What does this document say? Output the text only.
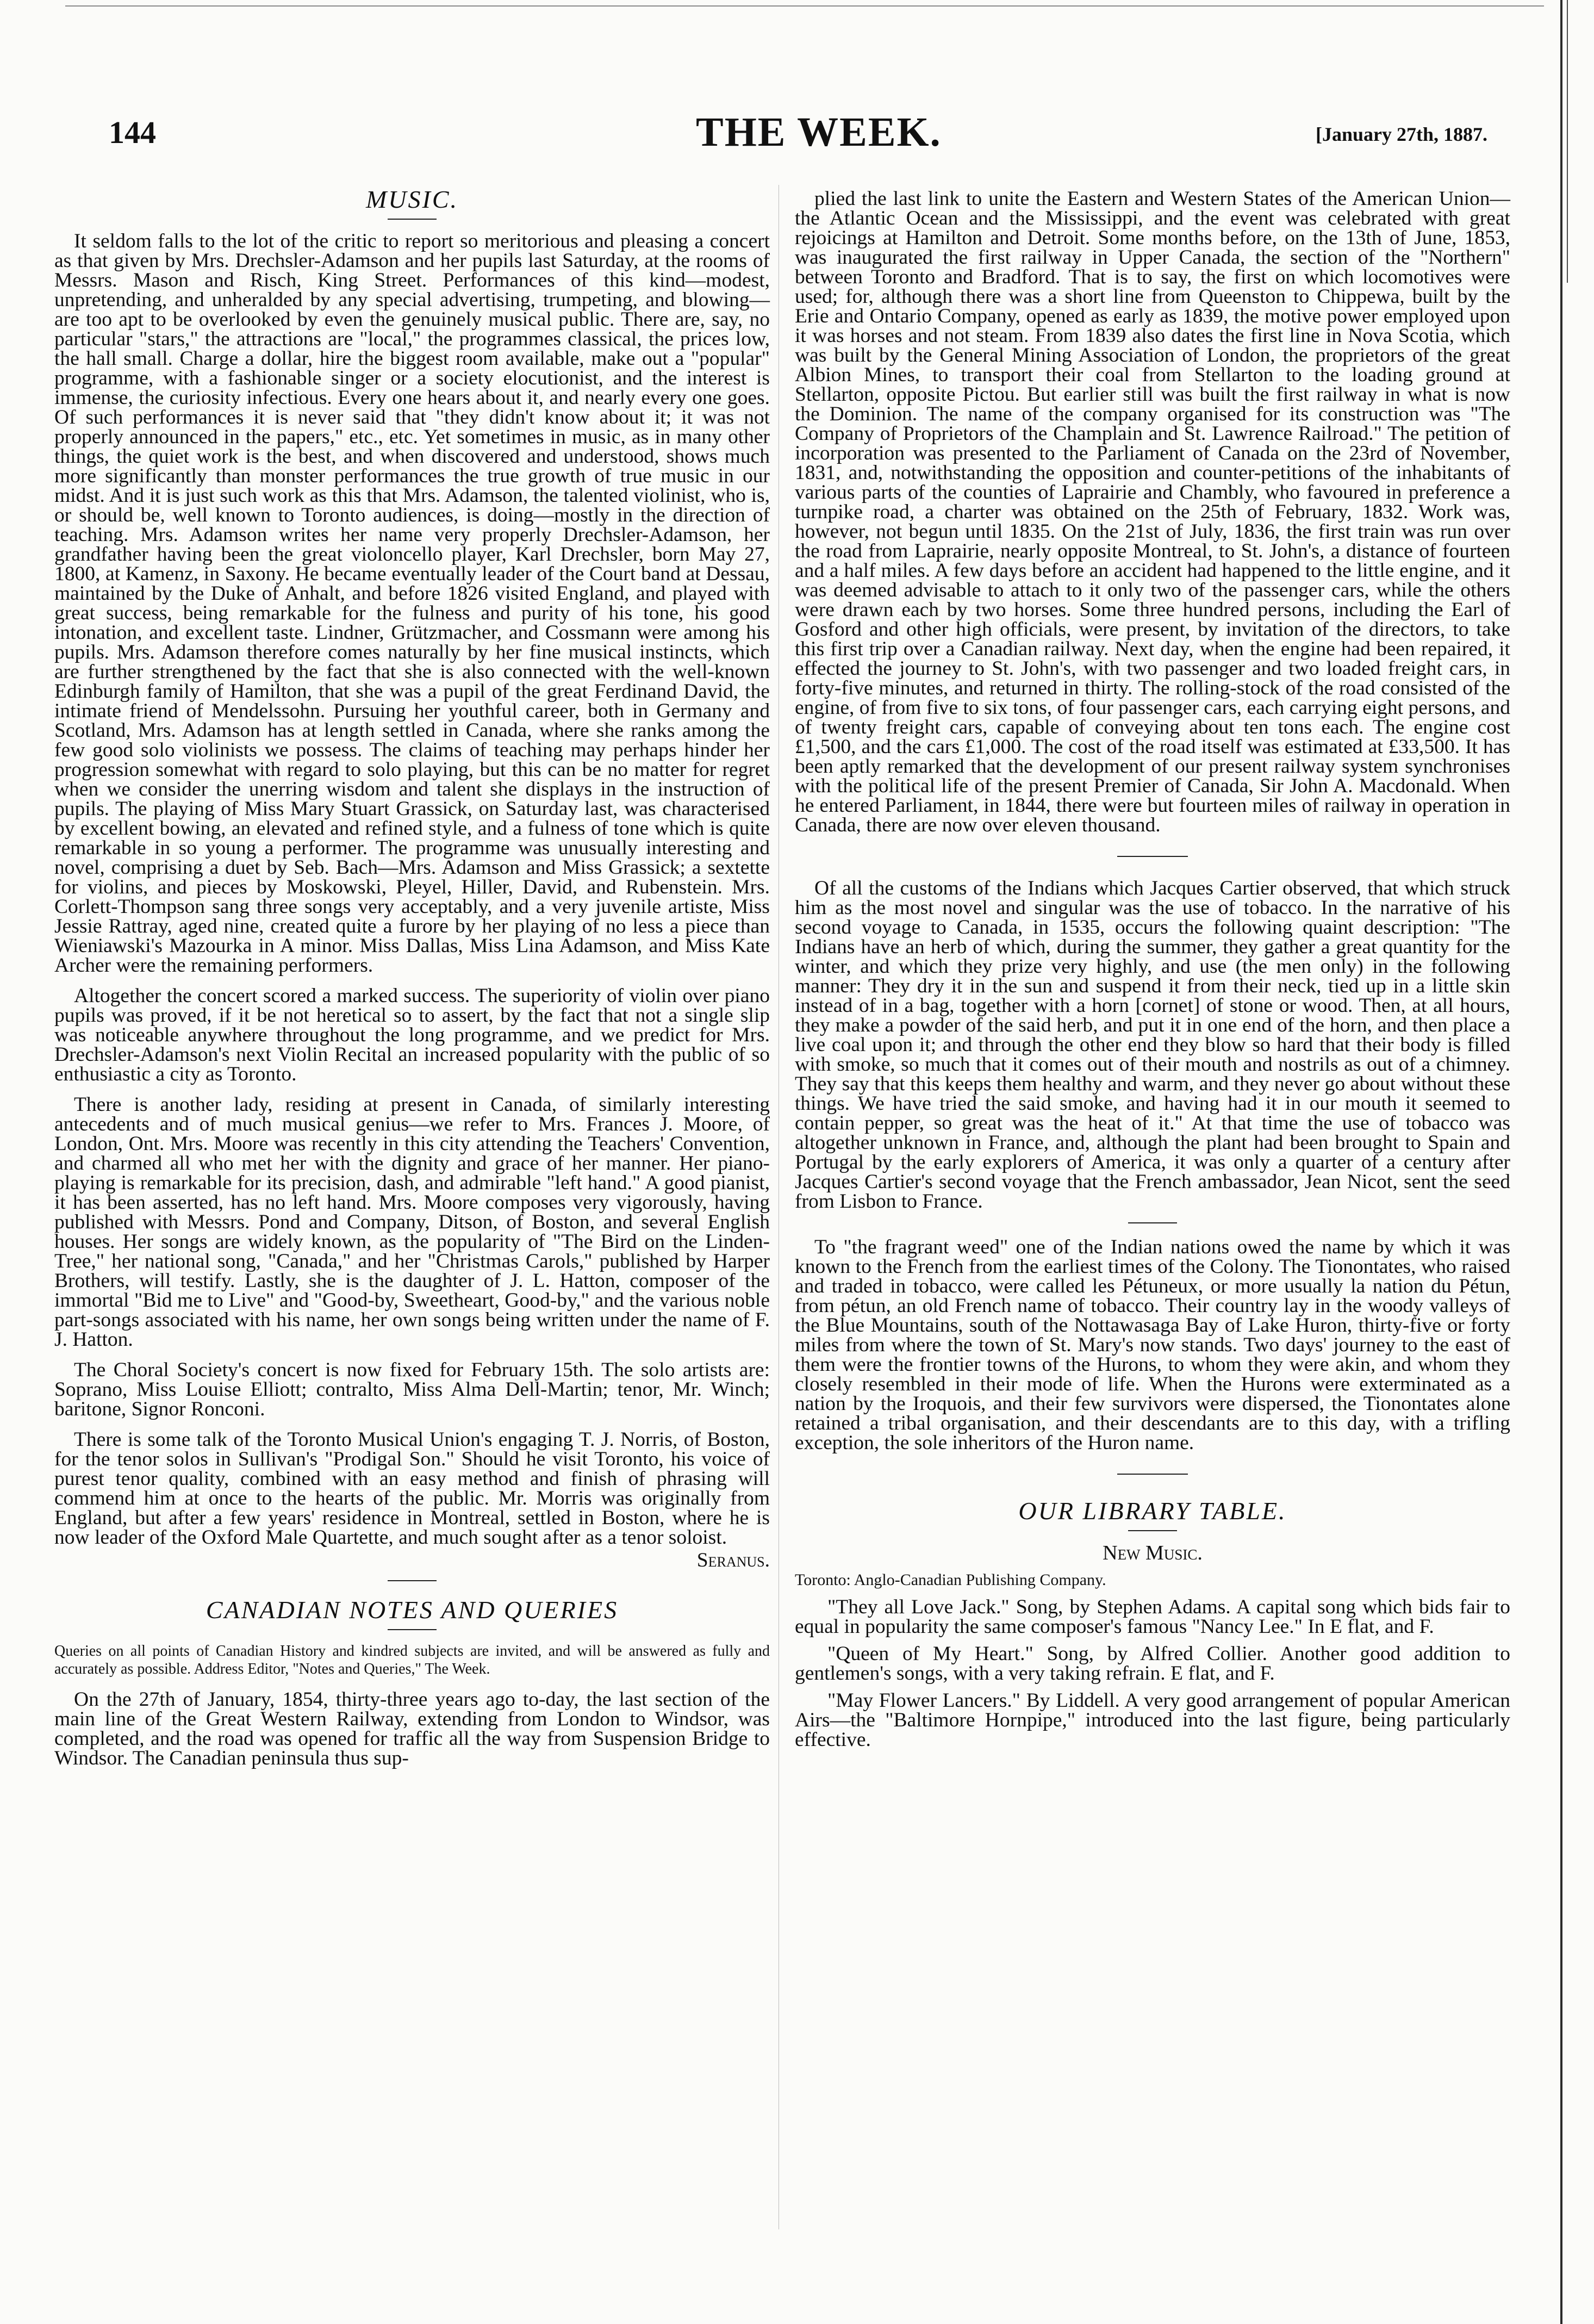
144	THE WEEK.	[January 27th, 1887.
MUSIC.

It seldom falls to the lot of the critic to report so meritorious and pleasing a concert as that given by Mrs. Drechsler-Adamson and her pupils last Saturday, at the rooms of Messrs. Mason and Risch, King Street. Performances of this kind—modest, unpretending, and unheralded by any special advertising, trumpeting, and blowing—are too apt to be overlooked by even the genuinely musical public. There are, say, no particular "stars," the attractions are "local," the programmes classical, the prices low, the hall small. Charge a dollar, hire the biggest room available, make out a "popular" programme, with a fashionable singer or a society elocutionist, and the interest is immense, the curiosity infectious. Every one hears about it, and nearly every one goes. Of such performances it is never said that "they didn't know about it; it was not properly announced in the papers," etc., etc. Yet sometimes in music, as in many other things, the quiet work is the best, and when discovered and understood, shows much more significantly than monster performances the true growth of true music in our midst. And it is just such work as this that Mrs. Adamson, the talented violinist, who is, or should be, well known to Toronto audiences, is doing—mostly in the direction of teaching. Mrs. Adamson writes her name very properly Drechsler-Adamson, her grandfather having been the great violoncello player, Karl Drechsler, born May 27, 1800, at Kamenz, in Saxony. He became eventually leader of the Court band at Dessau, maintained by the Duke of Anhalt, and before 1826 visited England, and played with great success, being remarkable for the fulness and purity of his tone, his good intonation, and excellent taste. Lindner, Grützmacher, and Cossmann were among his pupils. Mrs. Adamson therefore comes naturally by her fine musical instincts, which are further strengthened by the fact that she is also connected with the well-known Edinburgh family of Hamilton, that she was a pupil of the great Ferdinand David, the intimate friend of Mendelssohn. Pursuing her youthful career, both in Germany and Scotland, Mrs. Adamson has at length settled in Canada, where she ranks among the few good solo violinists we possess. The claims of teaching may perhaps hinder her progression somewhat with regard to solo playing, but this can be no matter for regret when we consider the unerring wisdom and talent she displays in the instruction of pupils. The playing of Miss Mary Stuart Grassick, on Saturday last, was characterised by excellent bowing, an elevated and refined style, and a fulness of tone which is quite remarkable in so young a performer. The programme was unusually interesting and novel, comprising a duet by Seb. Bach—Mrs. Adamson and Miss Grassick; a sextette for violins, and pieces by Moskowski, Pleyel, Hiller, David, and Rubenstein. Mrs. Corlett-Thompson sang three songs very acceptably, and a very juvenile artiste, Miss Jessie Rattray, aged nine, created quite a furore by her playing of no less a piece than Wieniawski's Mazourka in A minor. Miss Dallas, Miss Lina Adamson, and Miss Kate Archer were the remaining performers.

Altogether the concert scored a marked success. The superiority of violin over piano pupils was proved, if it be not heretical so to assert, by the fact that not a single slip was noticeable anywhere throughout the long programme, and we predict for Mrs. Drechsler-Adamson's next Violin Recital an increased popularity with the public of so enthusiastic a city as Toronto.

There is another lady, residing at present in Canada, of similarly interesting antecedents and of much musical genius—we refer to Mrs. Frances J. Moore, of London, Ont. Mrs. Moore was recently in this city attending the Teachers' Convention, and charmed all who met her with the dignity and grace of her manner. Her piano-playing is remarkable for its precision, dash, and admirable "left hand." A good pianist, it has been asserted, has no left hand. Mrs. Moore composes very vigorously, having published with Messrs. Pond and Company, Ditson, of Boston, and several English houses. Her songs are widely known, as the popularity of "The Bird on the Linden-Tree," her national song, "Canada," and her "Christmas Carols," published by Harper Brothers, will testify. Lastly, she is the daughter of J. L. Hatton, composer of the immortal "Bid me to Live" and "Good-by, Sweetheart, Good-by," and the various noble part-songs associated with his name, her own songs being written under the name of F. J. Hatton.

The Choral Society's concert is now fixed for February 15th. The solo artists are: Soprano, Miss Louise Elliott; contralto, Miss Alma Dell-Martin; tenor, Mr. Winch; baritone, Signor Ronconi.

There is some talk of the Toronto Musical Union's engaging T. J. Norris, of Boston, for the tenor solos in Sullivan's "Prodigal Son." Should he visit Toronto, his voice of purest tenor quality, combined with an easy method and finish of phrasing will commend him at once to the hearts of the public. Mr. Morris was originally from England, but after a few years' residence in Montreal, settled in Boston, where he is now leader of the Oxford Male Quartette, and much sought after as a tenor soloist.

Seranus.

CANADIAN NOTES AND QUERIES

Queries on all points of Canadian History and kindred subjects are invited, and will be answered as fully and accurately as possible. Address Editor, "Notes and Queries," The Week.

On the 27th of January, 1854, thirty-three years ago to-day, the last section of the main line of the Great Western Railway, extending from London to Windsor, was completed, and the road was opened for traffic all the way from Suspension Bridge to Windsor. The Canadian peninsula thus sup-

plied the last link to unite the Eastern and Western States of the American Union—the Atlantic Ocean and the Mississippi, and the event was celebrated with great rejoicings at Hamilton and Detroit. Some months before, on the 13th of June, 1853, was inaugurated the first railway in Upper Canada, the section of the "Northern" between Toronto and Bradford. That is to say, the first on which locomotives were used; for, although there was a short line from Queenston to Chippewa, built by the Erie and Ontario Company, opened as early as 1839, the motive power employed upon it was horses and not steam. From 1839 also dates the first line in Nova Scotia, which was built by the General Mining Association of London, the proprietors of the great Albion Mines, to transport their coal from Stellarton to the loading ground at Stellarton, opposite Pictou. But earlier still was built the first railway in what is now the Dominion. The name of the company organised for its construction was "The Company of Proprietors of the Champlain and St. Lawrence Railroad." The petition of incorporation was presented to the Parliament of Canada on the 23rd of November, 1831, and, notwithstanding the opposition and counter-petitions of the inhabitants of various parts of the counties of Laprairie and Chambly, who favoured in preference a turnpike road, a charter was obtained on the 25th of February, 1832. Work was, however, not begun until 1835. On the 21st of July, 1836, the first train was run over the road from Laprairie, nearly opposite Montreal, to St. John's, a distance of fourteen and a half miles. A few days before an accident had happened to the little engine, and it was deemed advisable to attach to it only two of the passenger cars, while the others were drawn each by two horses. Some three hundred persons, including the Earl of Gosford and other high officials, were present, by invitation of the directors, to take this first trip over a Canadian railway. Next day, when the engine had been repaired, it effected the journey to St. John's, with two passenger and two loaded freight cars, in forty-five minutes, and returned in thirty. The rolling-stock of the road consisted of the engine, of from five to six tons, of four passenger cars, each carrying eight persons, and of twenty freight cars, capable of conveying about ten tons each. The engine cost £1,500, and the cars £1,000. The cost of the road itself was estimated at £33,500. It has been aptly remarked that the development of our present railway system synchronises with the political life of the present Premier of Canada, Sir John A. Macdonald. When he entered Parliament, in 1844, there were but fourteen miles of railway in operation in Canada, there are now over eleven thousand.

Of all the customs of the Indians which Jacques Cartier observed, that which struck him as the most novel and singular was the use of tobacco. In the narrative of his second voyage to Canada, in 1535, occurs the following quaint description: "The Indians have an herb of which, during the summer, they gather a great quantity for the winter, and which they prize very highly, and use (the men only) in the following manner: They dry it in the sun and suspend it from their neck, tied up in a little skin instead of in a bag, together with a horn [cornet] of stone or wood. Then, at all hours, they make a powder of the said herb, and put it in one end of the horn, and then place a live coal upon it; and through the other end they blow so hard that their body is filled with smoke, so much that it comes out of their mouth and nostrils as out of a chimney. They say that this keeps them healthy and warm, and they never go about without these things. We have tried the said smoke, and having had it in our mouth it seemed to contain pepper, so great was the heat of it." At that time the use of tobacco was altogether unknown in France, and, although the plant had been brought to Spain and Portugal by the early explorers of America, it was only a quarter of a century after Jacques Cartier's second voyage that the French ambassador, Jean Nicot, sent the seed from Lisbon to France.

To "the fragrant weed" one of the Indian nations owed the name by which it was known to the French from the earliest times of the Colony. The Tionontates, who raised and traded in tobacco, were called les Pétuneux, or more usually la nation du Pétun, from pétun, an old French name of tobacco. Their country lay in the woody valleys of the Blue Mountains, south of the Nottawasaga Bay of Lake Huron, thirty-five or forty miles from where the town of St. Mary's now stands. Two days' journey to the east of them were the frontier towns of the Hurons, to whom they were akin, and whom they closely resembled in their mode of life. When the Hurons were exterminated as a nation by the Iroquois, and their few survivors were dispersed, the Tionontates alone retained a tribal organisation, and their descendants are to this day, with a trifling exception, the sole inheritors of the Huron name.

OUR LIBRARY TABLE.
New Music.

Toronto: Anglo-Canadian Publishing Company.

"They all Love Jack." Song, by Stephen Adams. A capital song which bids fair to equal in popularity the same composer's famous "Nancy Lee." In E flat, and F.

"Queen of My Heart." Song, by Alfred Collier. Another good addition to gentlemen's songs, with a very taking refrain. E flat, and F.

"May Flower Lancers." By Liddell. A very good arrangement of popular American Airs—the "Baltimore Hornpipe," introduced into the last figure, being particularly effective.
